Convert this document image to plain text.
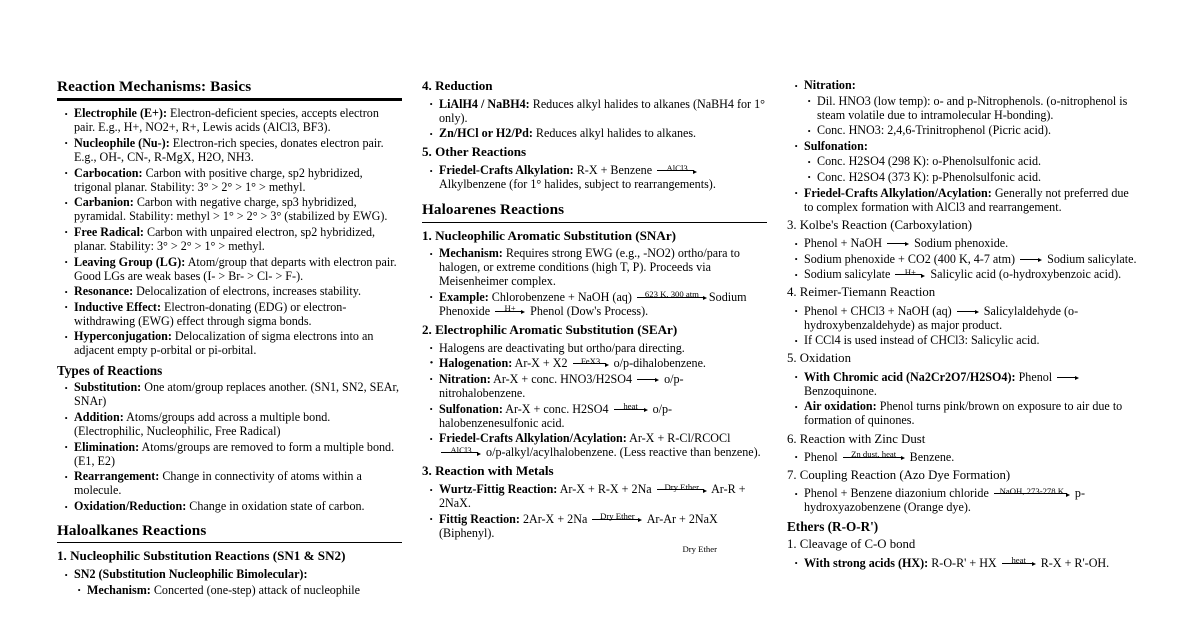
Reaction Mechanisms: Basics
· Electrophile (E+): Electron-deficient species, accepts electron pair. E.g., H+, NO2+, R+, Lewis acids (AlCl3, BF3).
· Nucleophile (Nu-): Electron-rich species, donates electron pair. E.g., OH-, CN-, R-MgX, H2O, NH3.
· Carbocation: Carbon with positive charge, sp2 hybridized, trigonal planar. Stability: 3° > 2° > 1° > methyl.
· Carbanion: Carbon with negative charge, sp3 hybridized, pyramidal. Stability: methyl > 1° > 2° > 3° (stabilized by EWG).
· Free Radical: Carbon with unpaired electron, sp2 hybridized, planar. Stability: 3° > 2° > 1° > methyl.
· Leaving Group (LG): Atom/group that departs with electron pair. Good LGs are weak bases (I- > Br- > Cl- > F-).
· Resonance: Delocalization of electrons, increases stability.
· Inductive Effect: Electron-donating (EDG) or electron-withdrawing (EWG) effect through sigma bonds.
· Hyperconjugation: Delocalization of sigma electrons into an adjacent empty p-orbital or pi-orbital.
Types of Reactions
· Substitution: One atom/group replaces another. (SN1, SN2, SEAr, SNAr)
· Addition: Atoms/groups add across a multiple bond. (Electrophilic, Nucleophilic, Free Radical)
· Elimination: Atoms/groups are removed to form a multiple bond. (E1, E2)
· Rearrangement: Change in connectivity of atoms within a molecule.
· Oxidation/Reduction: Change in oxidation state of carbon.
Haloalkanes Reactions
1. Nucleophilic Substitution Reactions (SN1 & SN2)
· SN2 (Substitution Nucleophilic Bimolecular):
· Mechanism: Concerted (one-step) attack of nucleophile
4. Reduction
· LiAlH4 / NaBH4: Reduces alkyl halides to alkanes (NaBH4 for 1° only).
· Zn/HCl or H2/Pd: Reduces alkyl halides to alkanes.
5. Other Reactions
· Friedel-Crafts Alkylation: R-X + Benzene AlCl3
Alkylbenzene (for 1° halides, subject to rearrangements).
Haloarenes Reactions
1. Nucleophilic Aromatic Substitution (SNAr)
· Mechanism: Requires strong EWG (e.g., -NO2) ortho/para to halogen, or extreme conditions (high T, P). Proceeds via Meisenheimer complex.
· Example: Chlorobenzene + NaOH (aq) 623 K, 300 atm Sodium Phenoxide H+ Phenol (Dow's Process).
2. Electrophilic Aromatic Substitution (SEAr)
· Halogens are deactivating but ortho/para directing.
· Halogenation: Ar-X + X2 FeX3 o/p-dihalobenzene.
· Nitration: Ar-X + conc. HNO3/H2SO4	o/p-nitrohalobenzene.
· Sulfonation: Ar-X + conc. H2SO4 heat o/p-halobenzenesulfonic acid.
· Friedel-Crafts Alkylation/Acylation: Ar-X + R-Cl/RCOCl
AlCl3 o/p-alkyl/acylhalobenzene. (Less reactive than benzene).
3. Reaction with Metals
· Wurtz-Fittig Reaction: Ar-X + R-X + 2Na Dry Ether Ar-R + 2NaX.
· Fittig Reaction: 2Ar-X + 2Na Dry Ether Ar-Ar + 2NaX (Biphenyl).
Dry Ether
· Nitration:
· Dil. HNO3 (low temp): o- and p-Nitrophenols. (o-nitrophenol is steam volatile due to intramolecular H-bonding).
· Conc. HNO3: 2,4,6-Trinitrophenol (Picric acid).
· Sulfonation:
· Conc. H2SO4 (298 K): o-Phenolsulfonic acid.
· Conc. H2SO4 (373 K): p-Phenolsulfonic acid.
· Friedel-Crafts Alkylation/Acylation: Generally not preferred due to complex formation with AlCl3 and rearrangement.
3. Kolbe's Reaction (Carboxylation)
· Phenol + NaOH	Sodium phenoxide.
· Sodium phenoxide + CO2 (400 K, 4-7 atm)	Sodium salicylate.
· Sodium salicylate H+ Salicylic acid (o-hydroxybenzoic acid).
4. Reimer-Tiemann Reaction
· Phenol + CHCl3 + NaOH (aq)	Salicylaldehyde (o-hydroxybenzaldehyde) as major product.
· If CCl4 is used instead of CHCl3: Salicylic acid.
5. Oxidation
· With Chromic acid (Na2Cr2O7/H2SO4): Phenol  Benzoquinone.
· Air oxidation: Phenol turns pink/brown on exposure to air due to formation of quinones.
6. Reaction with Zinc Dust
· Phenol Zn dust, heat Benzene.
7. Coupling Reaction (Azo Dye Formation)
· Phenol + Benzene diazonium chloride NaOH, 273-278 K p-hydroxyazobenzene (Orange dye).
Ethers (R-O-R')
1. Cleavage of C-O bond
· With strong acids (HX): R-O-R' + HX heat R-X + R'-OH.
